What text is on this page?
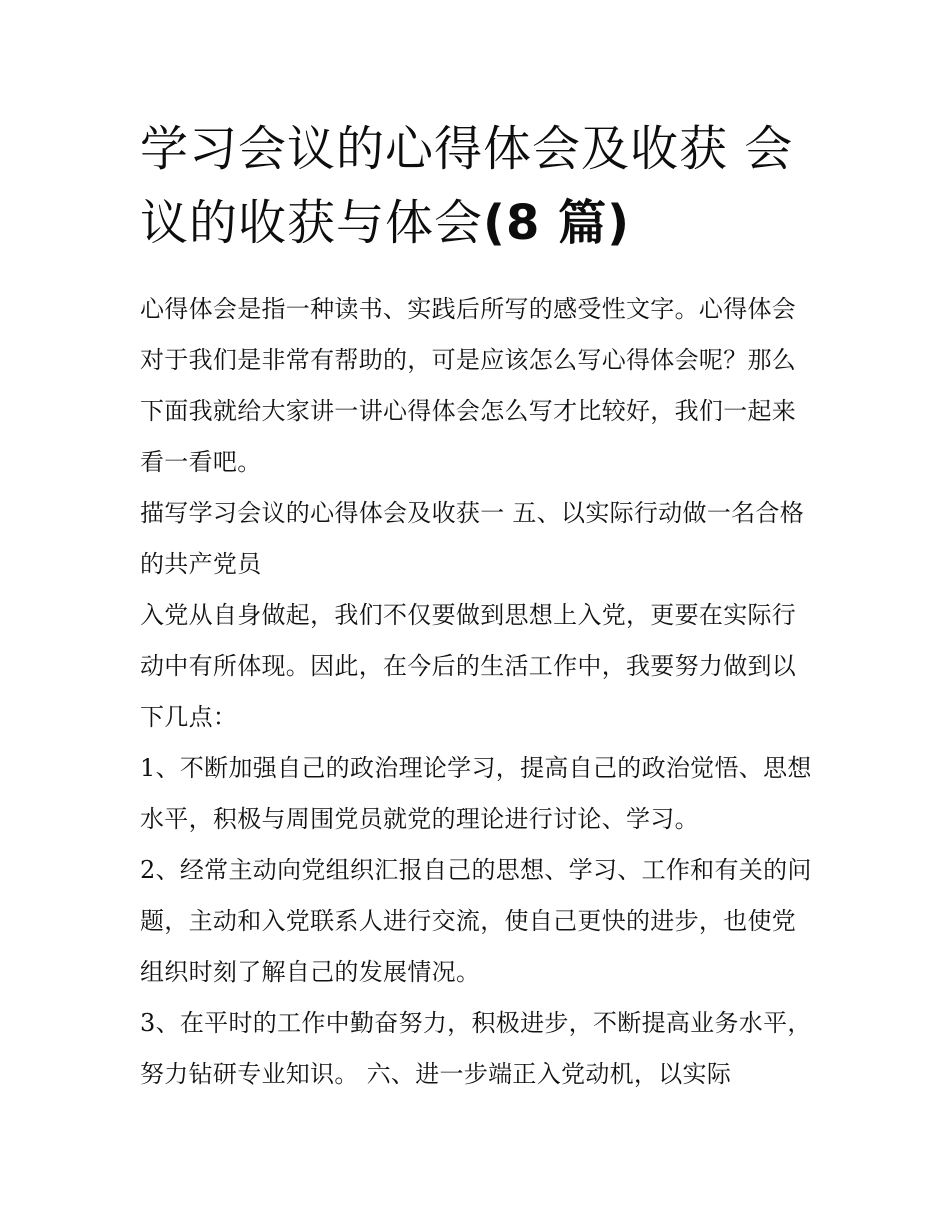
学习会议的心得体会及收获 会议的收获与体会(8 篇)

心得体会是指一种读书、实践后所写的感受性文字。心得体会对于我们是非常有帮助的，可是应该怎么写心得体会呢？那么下面我就给大家讲一讲心得体会怎么写才比较好，我们一起来看一看吧。

描写学习会议的心得体会及收获一 五、以实际行动做一名合格的共产党员

入党从自身做起，我们不仅要做到思想上入党，更要在实际行动中有所体现。因此，在今后的生活工作中，我要努力做到以下几点：

1、不断加强自己的政治理论学习，提高自己的政治觉悟、思想水平，积极与周围党员就党的理论进行讨论、学习。

2、经常主动向党组织汇报自己的思想、学习、工作和有关的问题，主动和入党联系人进行交流，使自己更快的进步，也使党组织时刻了解自己的发展情况。

3、在平时的工作中勤奋努力，积极进步，不断提高业务水平，努力钻研专业知识。 六、进一步端正入党动机，以实际
